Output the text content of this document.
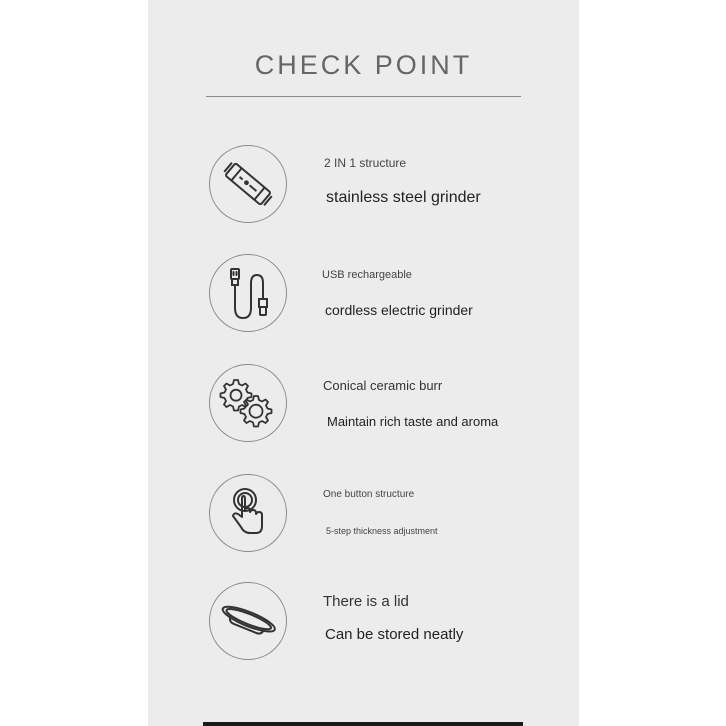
CHECK POINT
2 IN 1 structure
stainless steel grinder
USB rechargeable
cordless electric grinder
Conical ceramic burr
Maintain rich taste and aroma
One button structure
5-step thickness adjustment
There is a lid
Can be stored neatly
